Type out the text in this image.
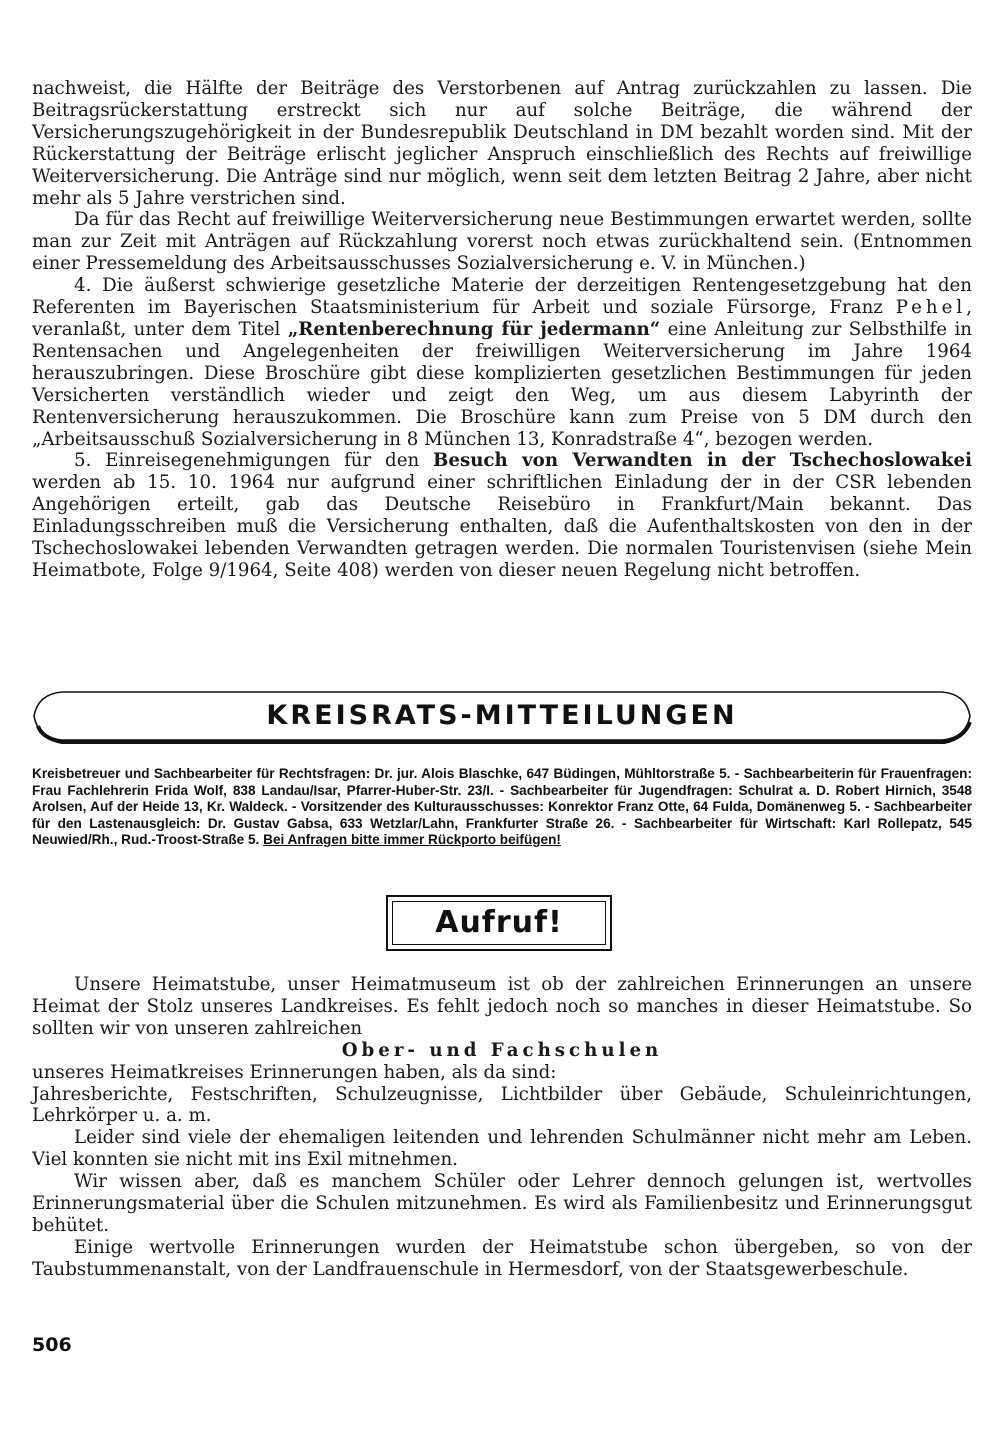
nachweist, die Hälfte der Beiträge des Verstorbenen auf Antrag zurückzahlen zu lassen. Die Beitragsrückerstattung erstreckt sich nur auf solche Beiträge, die während der Versicherungszugehörigkeit in der Bundesrepublik Deutschland in DM bezahlt worden sind. Mit der Rückerstattung der Beiträge erlischt jeglicher Anspruch einschließlich des Rechts auf freiwillige Weiterversicherung. Die Anträge sind nur möglich, wenn seit dem letzten Beitrag 2 Jahre, aber nicht mehr als 5 Jahre verstrichen sind.

Da für das Recht auf freiwillige Weiterversicherung neue Bestimmungen erwartet werden, sollte man zur Zeit mit Anträgen auf Rückzahlung vorerst noch etwas zurückhaltend sein. (Entnommen einer Pressemeldung des Arbeitsausschusses Sozialversicherung e. V. in München.)

4. Die äußerst schwierige gesetzliche Materie der derzeitigen Rentengesetzgebung hat den Referenten im Bayerischen Staatsministerium für Arbeit und soziale Fürsorge, Franz Pehel, veranlaßt, unter dem Titel „Rentenberechnung für jedermann“ eine Anleitung zur Selbsthilfe in Rentensachen und Angelegenheiten der freiwilligen Weiterversicherung im Jahre 1964 herauszubringen. Diese Broschüre gibt diese komplizierten gesetzlichen Bestimmungen für jeden Versicherten verständlich wieder und zeigt den Weg, um aus diesem Labyrinth der Rentenversicherung herauszukommen. Die Broschüre kann zum Preise von 5 DM durch den „Arbeitsausschuß Sozialversicherung in 8 München 13, Konradstraße 4“, bezogen werden.

5. Einreisegenehmigungen für den Besuch von Verwandten in der Tschechoslowakei werden ab 15. 10. 1964 nur aufgrund einer schriftlichen Einladung der in der CSR lebenden Angehörigen erteilt, gab das Deutsche Reisebüro in Frankfurt/Main bekannt. Das Einladungsschreiben muß die Versicherung enthalten, daß die Aufenthaltskosten von den in der Tschechoslowakei lebenden Verwandten getragen werden. Die normalen Touristenvisen (siehe Mein Heimatbote, Folge 9/1964, Seite 408) werden von dieser neuen Regelung nicht betroffen.

KREISRATS-MITTEILUNGEN
Kreisbetreuer und Sachbearbeiter für Rechtsfragen: Dr. jur. Alois Blaschke, 647 Büdingen, Mühltorstraße 5. - Sachbearbeiterin für Frauenfragen: Frau Fachlehrerin Frida Wolf, 838 Landau/Isar, Pfarrer-Huber-Str. 23/I. - Sachbearbeiter für Jugendfragen: Schulrat a. D. Robert Hirnich, 3548 Arolsen, Auf der Heide 13, Kr. Waldeck. - Vorsitzender des Kulturausschusses: Konrektor Franz Otte, 64 Fulda, Domänenweg 5. - Sachbearbeiter für den Lastenausgleich: Dr. Gustav Gabsa, 633 Wetzlar/Lahn, Frankfurter Straße 26. - Sachbearbeiter für Wirtschaft: Karl Rollepatz, 545 Neuwied/Rh., Rud.-Troost-Straße 5. Bei Anfragen bitte immer Rückporto beifügen!
Aufruf!

Unsere Heimatstube, unser Heimatmuseum ist ob der zahlreichen Erinnerungen an unsere Heimat der Stolz unseres Landkreises. Es fehlt jedoch noch so manches in dieser Heimatstube. So sollten wir von unseren zahlreichen

Ober- und Fachschulen

unseres Heimatkreises Erinnerungen haben, als da sind:

Jahresberichte, Festschriften, Schulzeugnisse, Lichtbilder über Gebäude, Schuleinrichtungen, Lehrkörper u. a. m.

Leider sind viele der ehemaligen leitenden und lehrenden Schulmänner nicht mehr am Leben. Viel konnten sie nicht mit ins Exil mitnehmen.

Wir wissen aber, daß es manchem Schüler oder Lehrer dennoch gelungen ist, wertvolles Erinnerungsmaterial über die Schulen mitzunehmen. Es wird als Familienbesitz und Erinnerungsgut behütet.

Einige wertvolle Erinnerungen wurden der Heimatstube schon übergeben, so von der Taubstummenanstalt, von der Landfrauenschule in Hermesdorf, von der Staatsgewerbeschule.

506
